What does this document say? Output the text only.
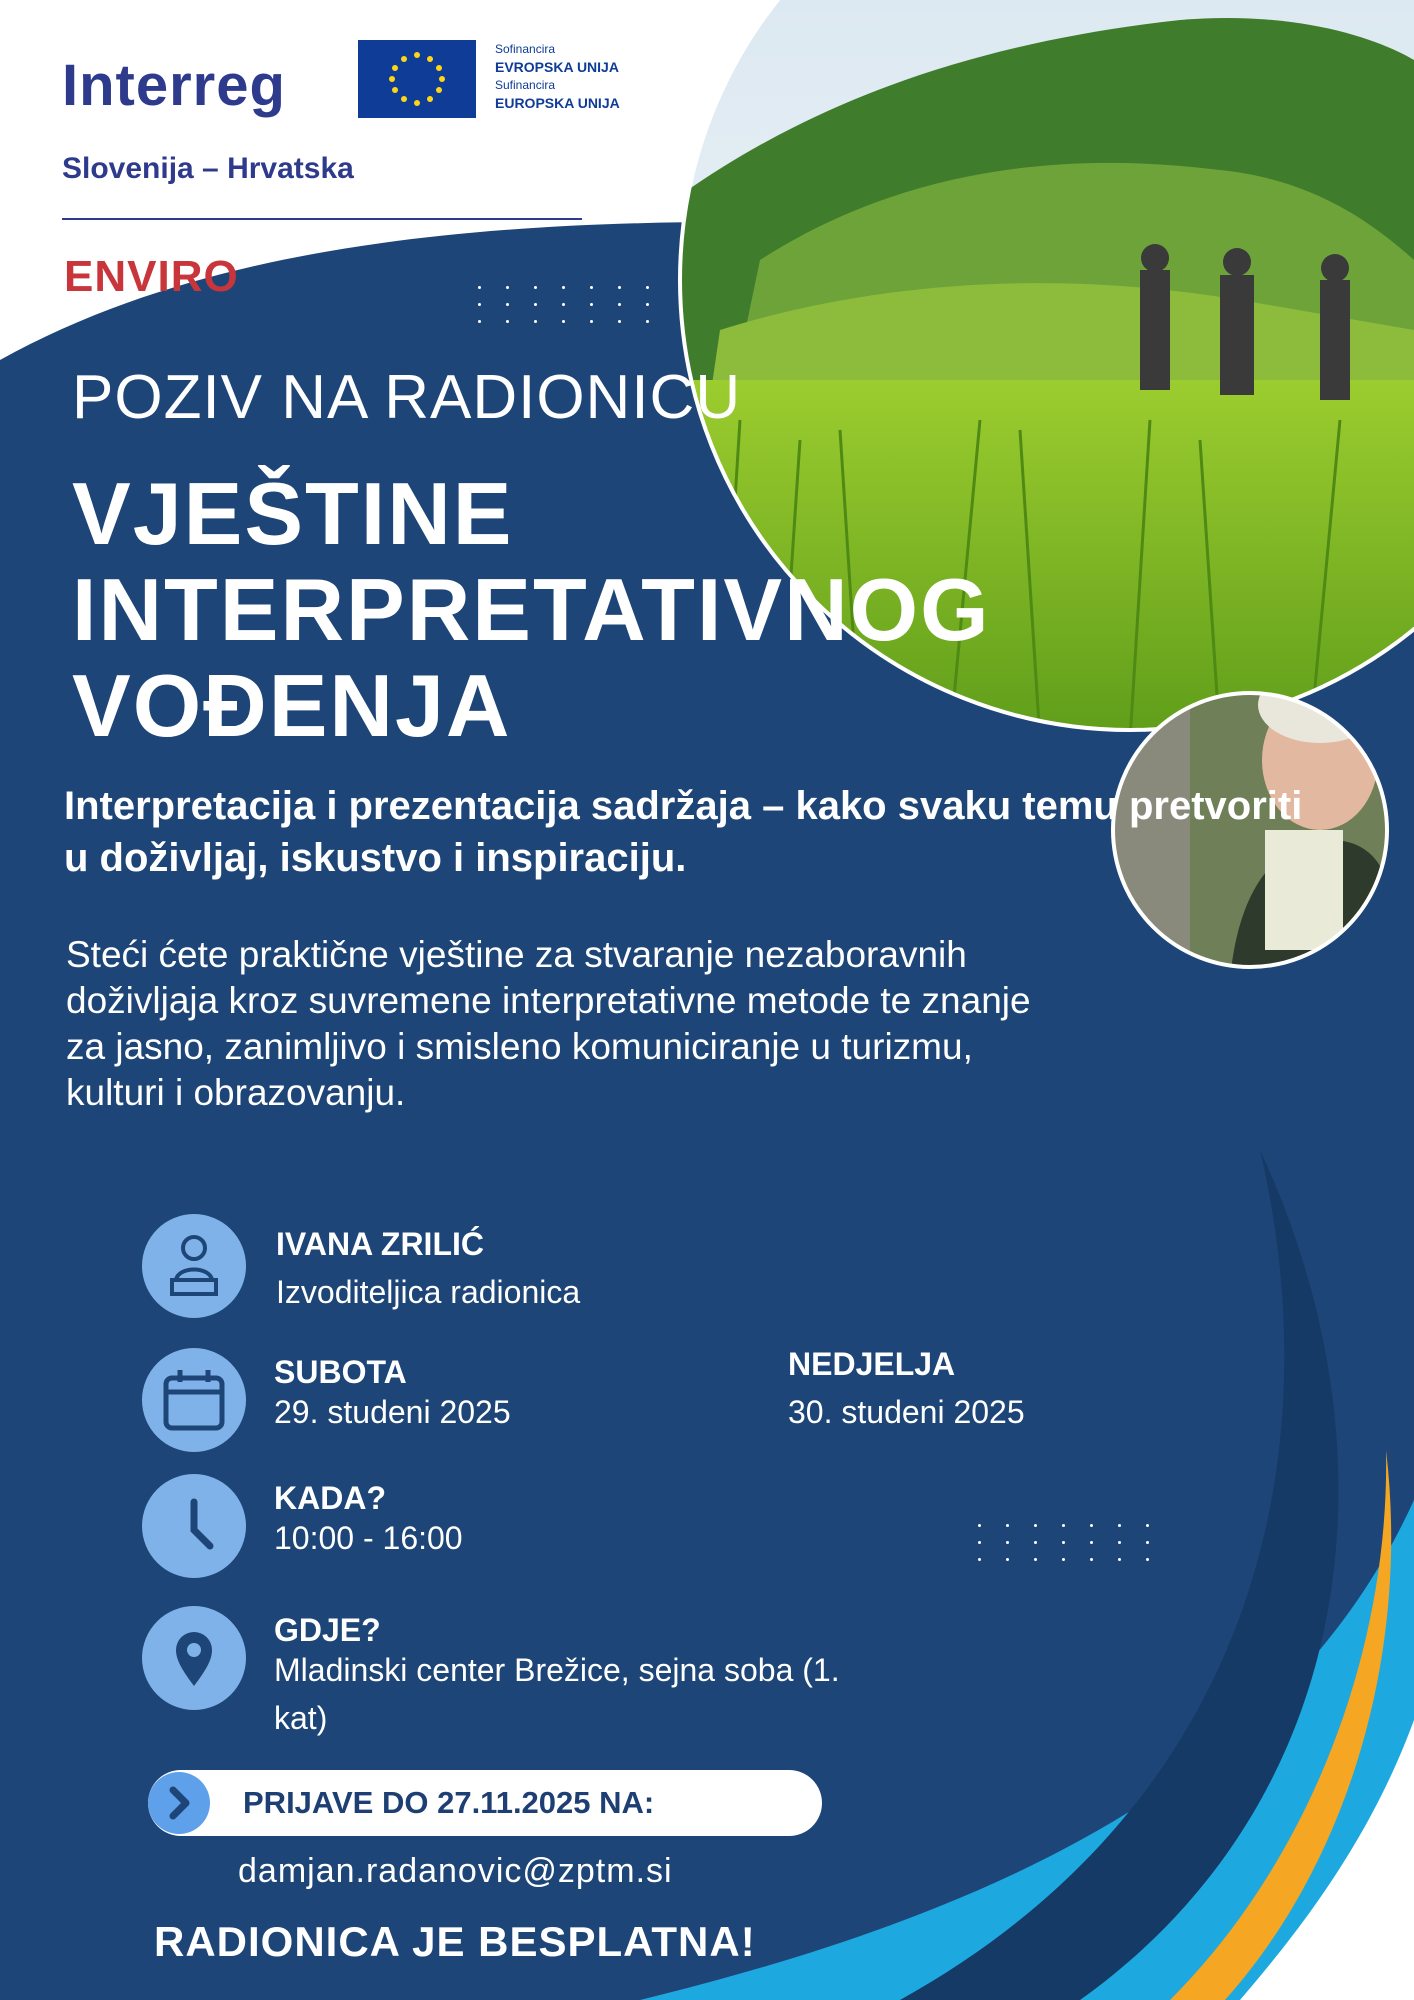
Interreg
Sofinancira
EVROPSKA UNIJA
Sufinancira
EUROPSKA UNIJA
Slovenija – Hrvatska
ENVIRO
POZIV NA RADIONICU
VJEŠTINE
INTERPRETATIVNOG
VOĐENJA
Interpretacija i prezentacija sadržaja – kako svaku temu pretvoriti u doživljaj, iskustvo i inspiraciju.
Steći ćete praktične vještine za stvaranje nezaboravnih doživljaja kroz suvremene interpretativne metode te znanje za jasno, zanimljivo i smisleno komuniciranje u turizmu, kulturi i obrazovanju.
IVANA ZRILIĆ
Izvoditeljica radionica
SUBOTA
29. studeni 2025
NEDJELJA
30. studeni 2025
KADA?
10:00 - 16:00
GDJE?
Mladinski center Brežice, sejna soba (1. kat)
PRIJAVE DO 27.11.2025 NA:
damjan.radanovic@zptm.si
RADIONICA JE BESPLATNA!
